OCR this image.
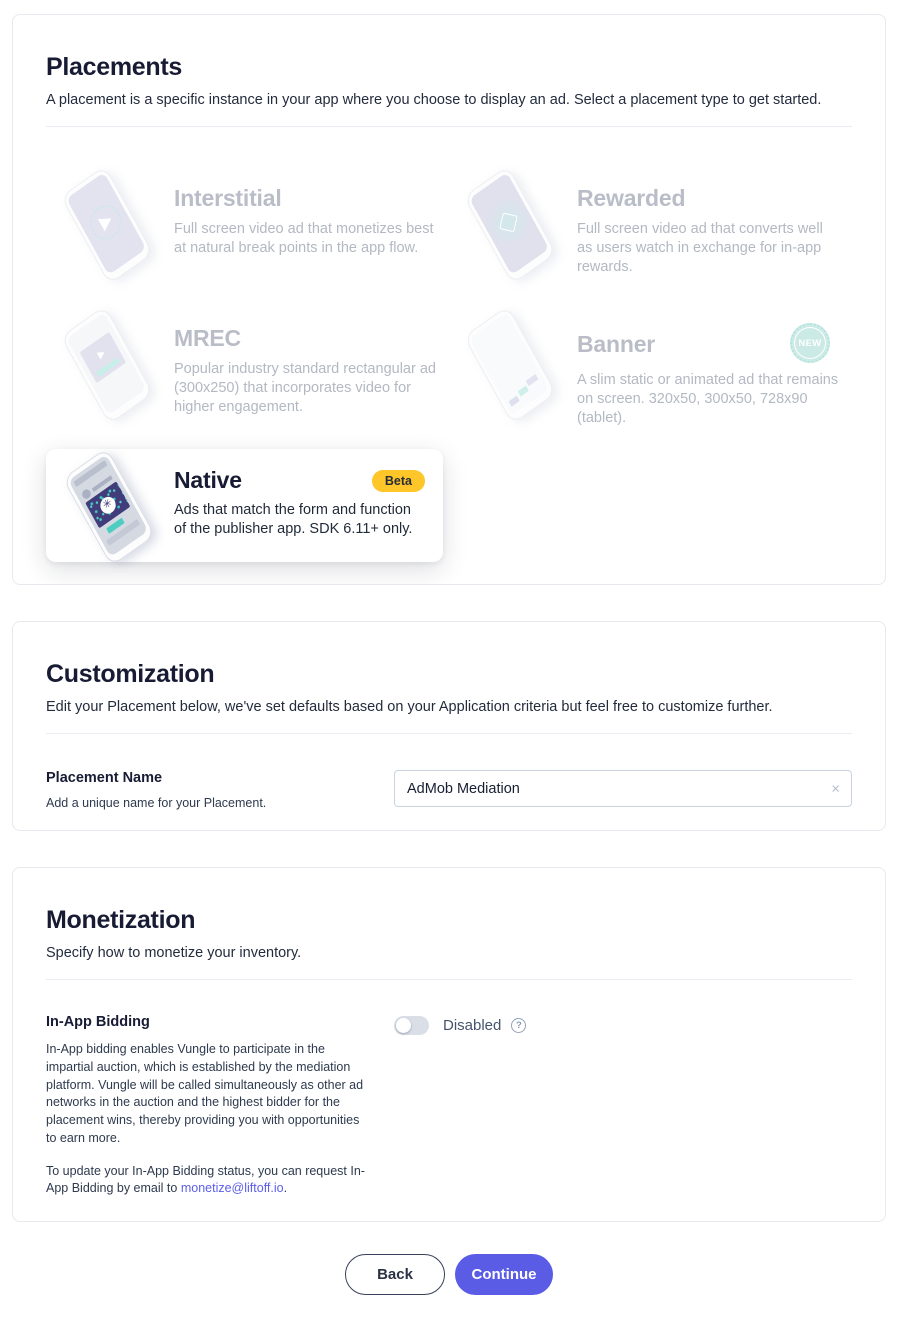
Placements

A placement is a specific instance in your app where you choose to display an ad. Select a placement type to get started.

Interstitial

Full screen video ad that monetizes best at natural break points in the app flow.

Rewarded

Full screen video ad that converts well as users watch in exchange for in-app rewards.

MREC

Popular industry standard rectangular ad (300x250) that incorporates video for higher engagement.

Banner	NEW

A slim static or animated ad that remains on screen. 320x50, 300x50, 728x90 (tablet).

✳
Native	Beta

Ads that match the form and function of the publisher app. SDK 6.11+ only.

Customization

Edit your Placement below, we've set defaults based on your Application criteria but feel free to customize further.

Placement Name
Add a unique name for your Placement.
AdMob Mediation	×
Monetization

Specify how to monetize your inventory.

In-App Bidding

In-App bidding enables Vungle to participate in the impartial auction, which is established by the mediation platform. Vungle will be called simultaneously as other ad networks in the auction and the highest bidder for the placement wins, thereby providing you with opportunities to earn more.

To update your In-App Bidding status, you can request In-App Bidding by email to monetize@liftoff.io.

Disabled	?
Back	Continue
